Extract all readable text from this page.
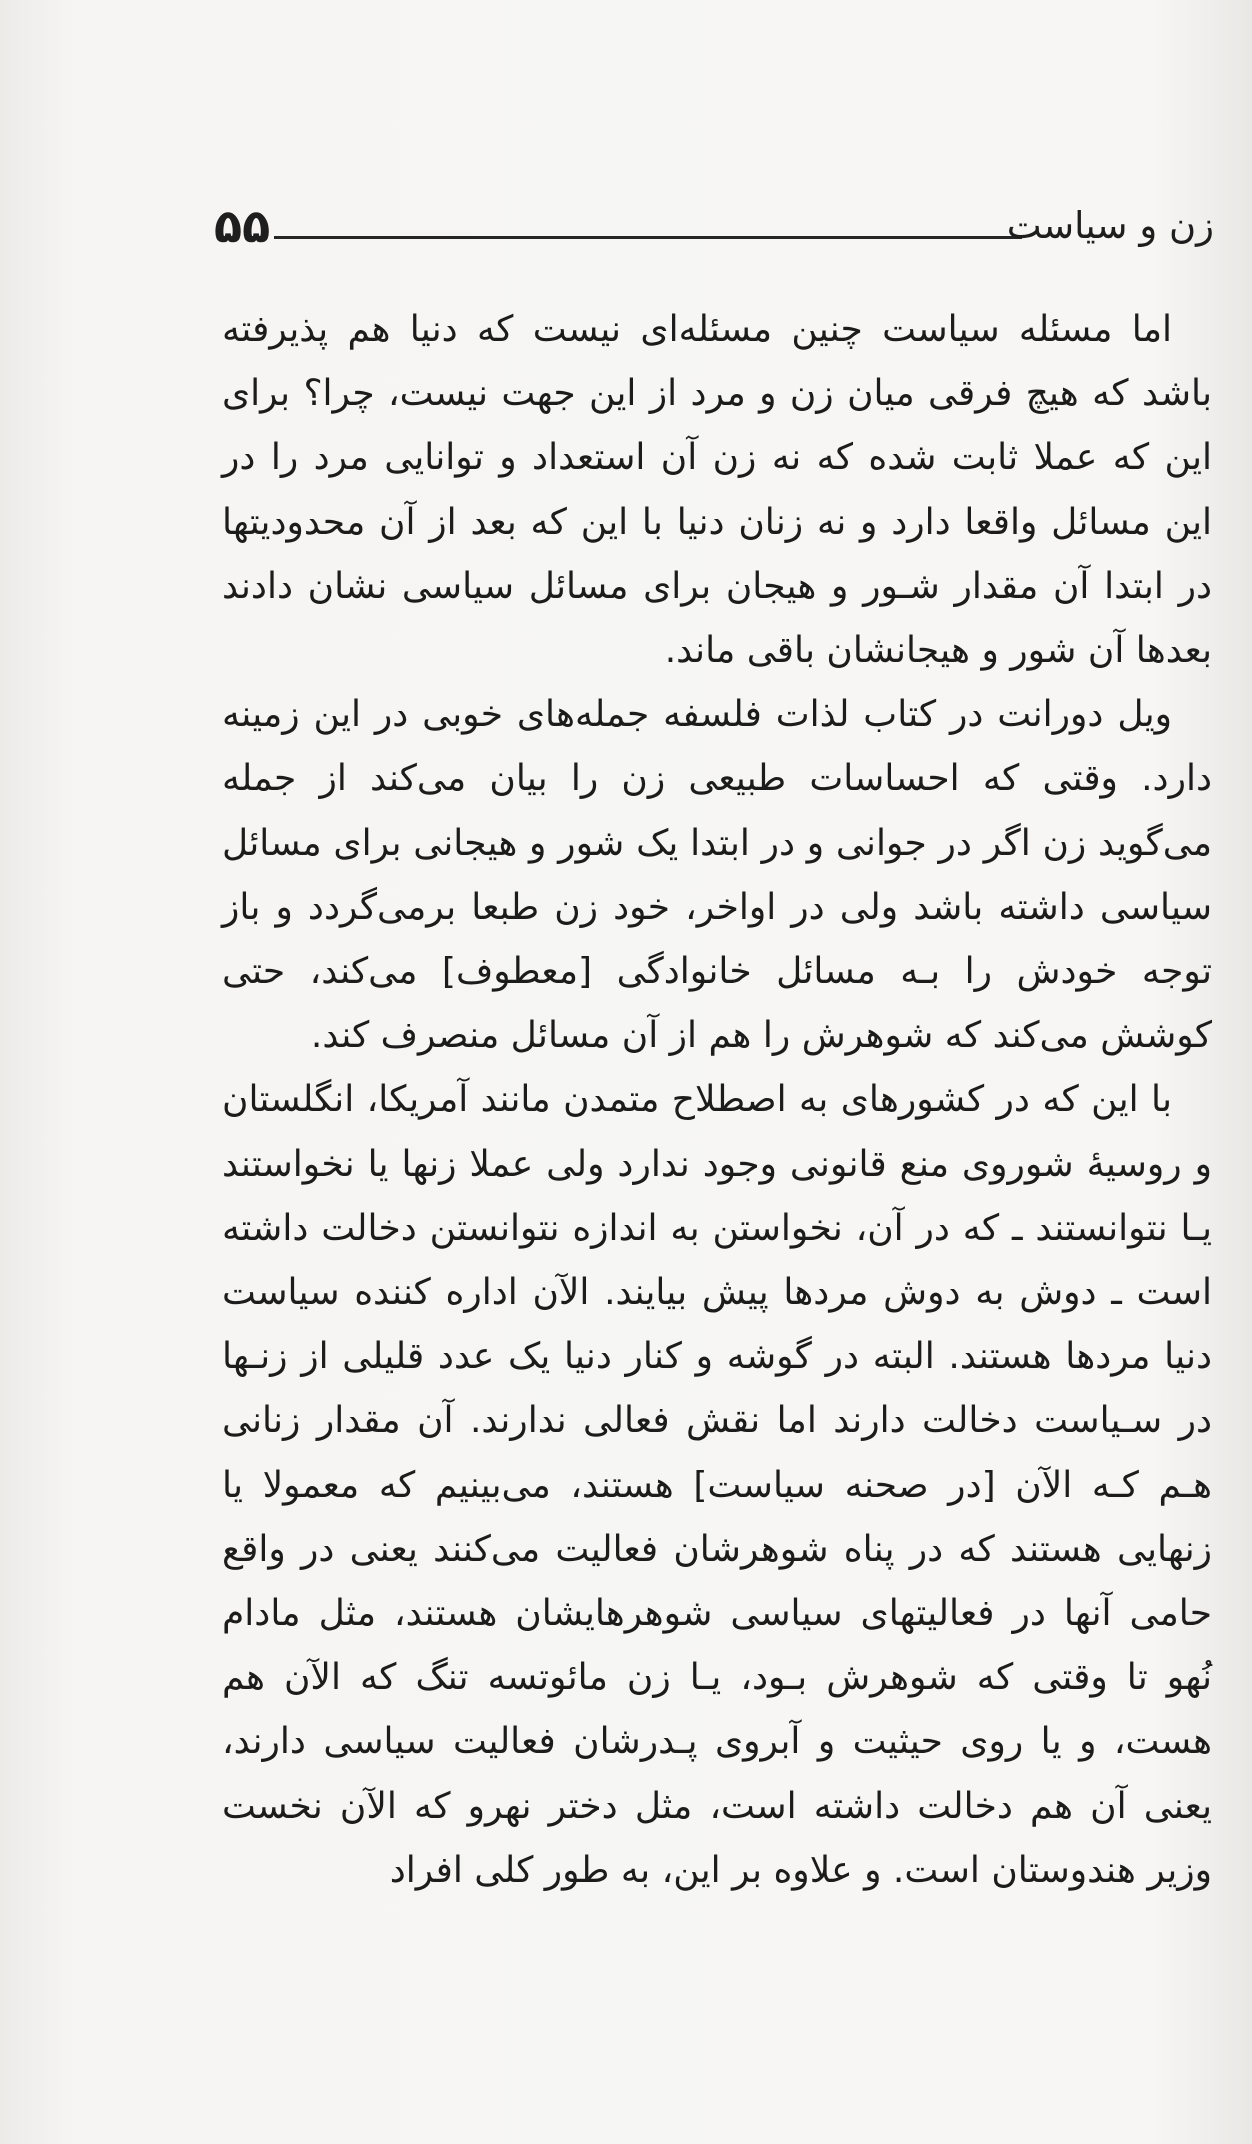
۵۵	زن و سیاست

اما مسئله سیاست چنین مسئله‌ای نیست که دنیا هم پذیرفته باشد که هیچ فرقی میان زن و مرد از این جهت نیست، چرا؟ برای این که عملا ثابت شده که نه زن آن استعداد و توانایی مرد را در این مسائل واقعا دارد و نه زنان دنیا با این که بعد از آن محدودیتها در ابتدا آن مقدار شـور و هیجان برای مسائل سیاسی نشان دادند بعدها آن شور و هیجانشان باقی ماند.

ویل دورانت در کتاب لذات فلسفه جمله‌های خوبی در این زمینه دارد. وقتی که احساسات طبیعی زن را بیان می‌کند از جمله می‌گوید زن اگر در جوانی و در ابتدا یک شور و هیجانی برای مسائل سیاسی داشته باشد ولی در اواخر، خود زن طبعا برمی‌گردد و باز توجه خودش را بـه مسائل خانوادگی [معطوف] می‌کند، حتی کوشش می‌کند که شوهرش را هم از آن مسائل منصرف کند.

با این که در کشورهای به اصطلاح متمدن مانند آمریکا، انگلستان و روسیهٔ شوروی منع قانونی وجود ندارد ولی عملا زنها یا نخواستند یـا نتوانستند ـ که در آن، نخواستن به اندازه نتوانستن دخالت داشته است ـ دوش به دوش مردها پیش بیایند. الآن اداره کننده سیاست دنیا مردها هستند. البته در گوشه و کنار دنیا یک عدد قلیلی از زنـها در سـیاست دخالت دارند اما نقش فعالی ندارند. آن مقدار زنانی هـم کـه الآن [در صحنه سیاست] هستند، می‌بینیم که معمولا یا زنهایی هستند که در پناه شوهرشان فعالیت می‌کنند یعنی در واقع حامی آنها در فعالیتهای سیاسی شوهرهایشان هستند، مثل مادام نُهو تا وقتی که شوهرش بـود، یـا زن مائوتسه تنگ که الآن هم هست، و یا روی حیثیت و آبروی پـدرشان فعالیت سیاسی دارند، یعنی آن هم دخالت داشته است، مثل دختر نهرو که الآن نخست وزیر هندوستان است. و علاوه بر این، به طور کلی افراد
